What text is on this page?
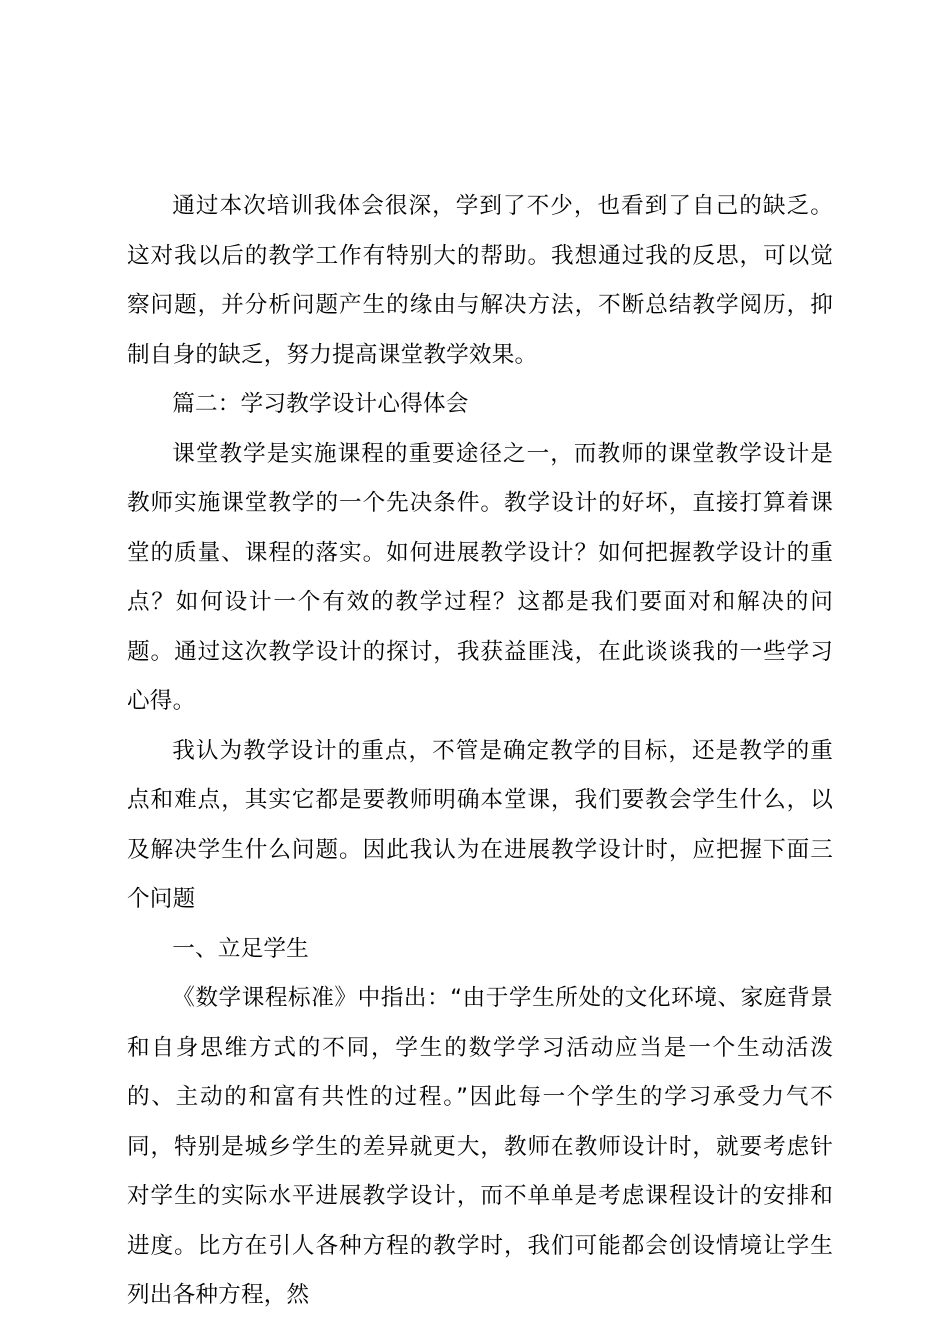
通过本次培训我体会很深，学到了不少，也看到了自己的缺乏。这对我以后的教学工作有特别大的帮助。我想通过我的反思，可以觉察问题，并分析问题产生的缘由与解决方法，不断总结教学阅历，抑制自身的缺乏，努力提高课堂教学效果。

篇二：学习教学设计心得体会

课堂教学是实施课程的重要途径之一，而教师的课堂教学设计是教师实施课堂教学的一个先决条件。教学设计的好坏，直接打算着课堂的质量、课程的落实。如何进展教学设计？如何把握教学设计的重点？如何设计一个有效的教学过程？这都是我们要面对和解决的问题。通过这次教学设计的探讨，我获益匪浅，在此谈谈我的一些学习心得。

我认为教学设计的重点，不管是确定教学的目标，还是教学的重点和难点，其实它都是要教师明确本堂课，我们要教会学生什么，以及解决学生什么问题。因此我认为在进展教学设计时，应把握下面三个问题

一、立足学生

《数学课程标准》中指出：“由于学生所处的文化环境、家庭背景和自身思维方式的不同，学生的数学学习活动应当是一个生动活泼的、主动的和富有共性的过程。”因此每一个学生的学习承受力气不同，特别是城乡学生的差异就更大，教师在教师设计时，就要考虑针对学生的实际水平进展教学设计，而不单单是考虑课程设计的安排和进度。比方在引人各种方程的教学时，我们可能都会创设情境让学生列出各种方程，然
